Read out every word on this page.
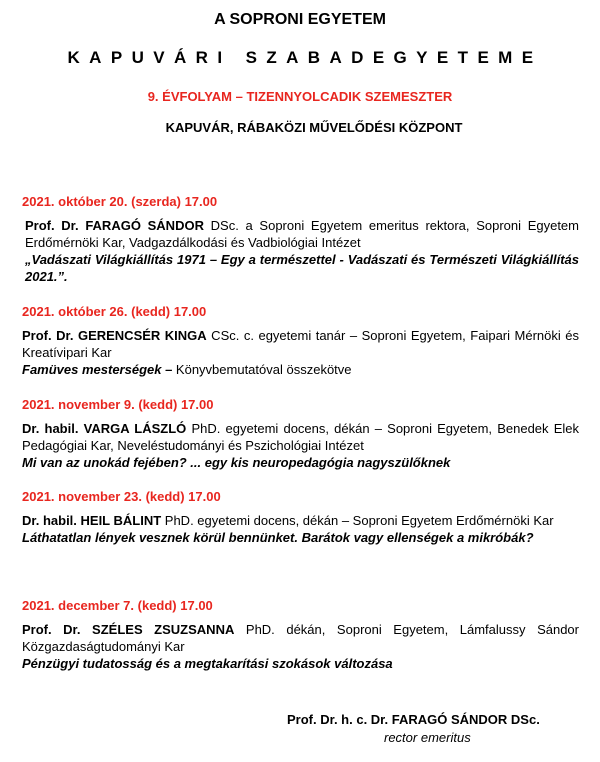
A SOPRONI EGYETEM
KAPUVÁRI SZABADEGYETEME
9. ÉVFOLYAM – TIZENNYOLCADIK SZEMESZTER
KAPUVÁR, RÁBAKÖZI MŰVELŐDÉSI KÖZPONT
2021. október 20. (szerda) 17.00
Prof. Dr. FARAGÓ SÁNDOR DSc. a Soproni Egyetem emeritus rektora, Soproni Egyetem Erdőmérnöki Kar, Vadgazdálkodási és Vadbiológiai Intézet
„Vadászati Világkiállítás 1971 – Egy a természettel - Vadászati és Természeti Világkiállítás 2021.”.
2021. október 26. (kedd) 17.00
Prof. Dr. GERENCSÉR KINGA CSc. c. egyetemi tanár – Soproni Egyetem, Faipari Mérnöki és Kreatívipari Kar
Famüves mesterségek – Könyvbemutatóval összekötve
2021. november 9. (kedd) 17.00
Dr. habil. VARGA LÁSZLÓ PhD. egyetemi docens, dékán – Soproni Egyetem, Benedek Elek Pedagógiai Kar, Neveléstudományi és Pszichológiai Intézet
Mi van az unokád fejében? ... egy kis neuropedagógia nagyszülőknek
2021. november 23. (kedd) 17.00
Dr. habil. HEIL BÁLINT PhD. egyetemi docens, dékán – Soproni Egyetem Erdőmérnöki Kar
Láthatatlan lények vesznek körül bennünket. Barátok vagy ellenségek a mikróbák?
2021. december 7. (kedd) 17.00
Prof. Dr. SZÉLES ZSUZSANNA PhD. dékán, Soproni Egyetem, Lámfalussy Sándor Közgazdaságtudományi Kar
Pénzügyi tudatosság és a megtakarítási szokások változása
Prof. Dr. h. c. Dr. FARAGÓ SÁNDOR DSc.
rector emeritus
